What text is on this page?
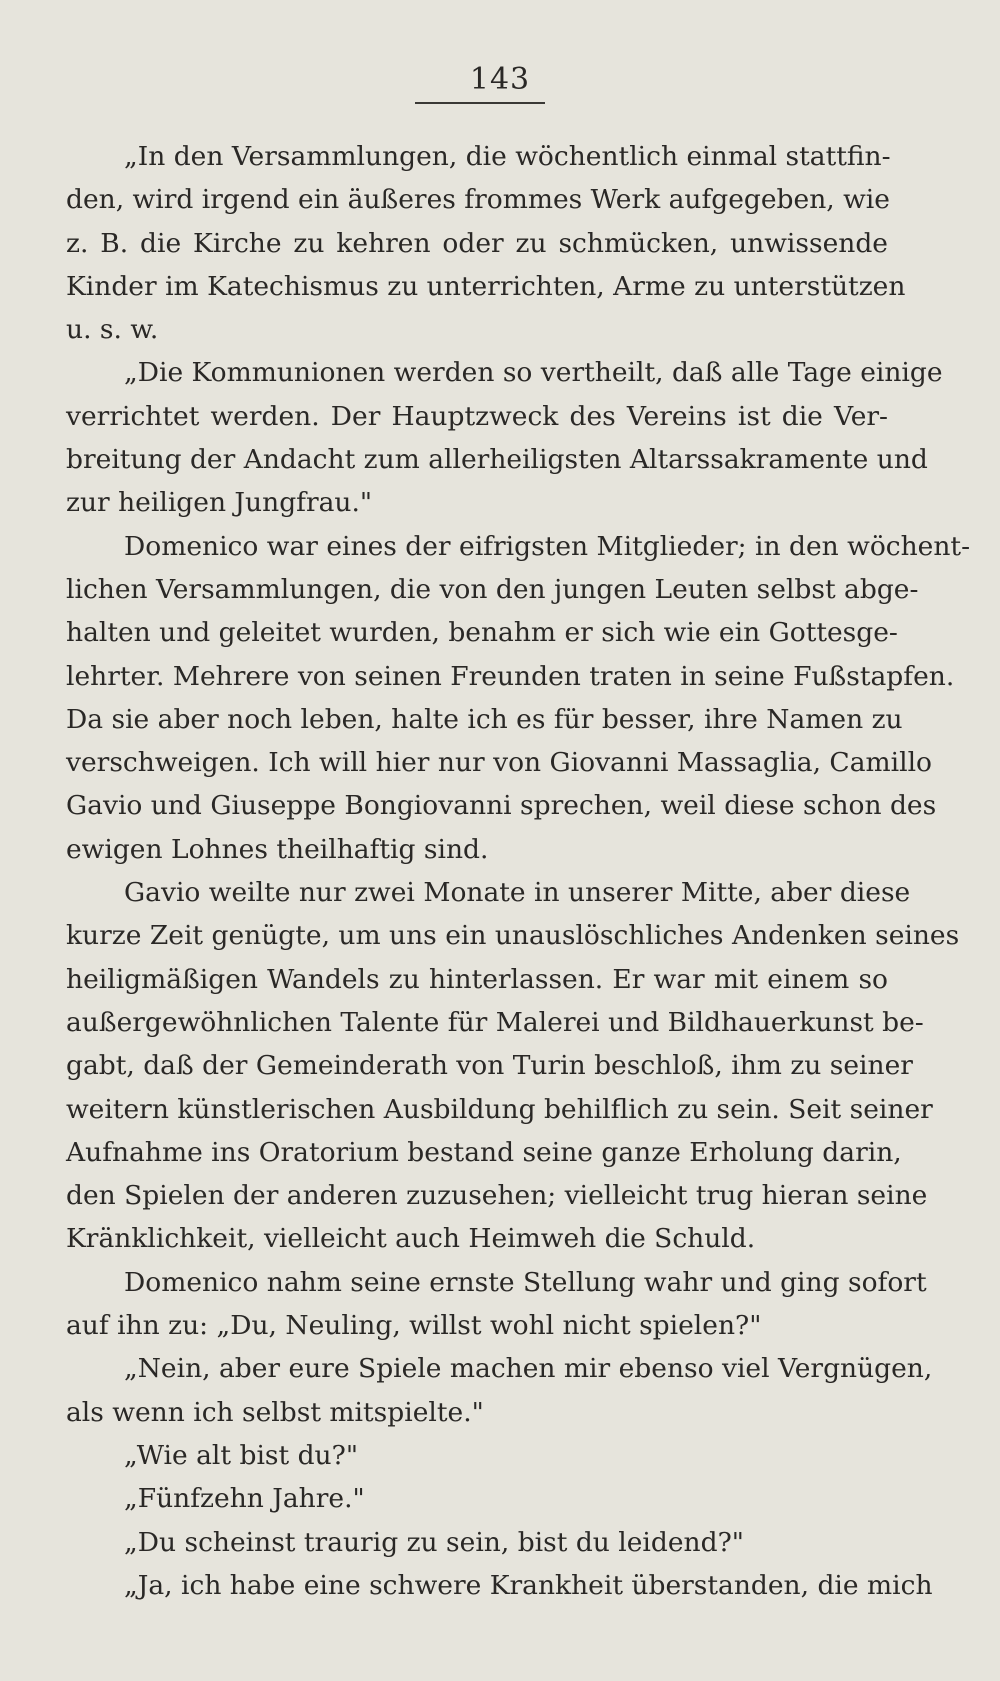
143
„In den Versammlungen, die wöchentlich einmal stattfin-
den, wird irgend ein äußeres frommes Werk aufgegeben, wie
z. B. die Kirche zu kehren oder zu schmücken, unwissende
Kinder im Katechismus zu unterrichten, Arme zu unterstützen
u. s. w.
„Die Kommunionen werden so vertheilt, daß alle Tage einige
verrichtet werden. Der Hauptzweck des Vereins ist die Ver-
breitung der Andacht zum allerheiligsten Altarssakramente und
zur heiligen Jungfrau."
Domenico war eines der eifrigsten Mitglieder; in den wöchent-
lichen Versammlungen, die von den jungen Leuten selbst abge-
halten und geleitet wurden, benahm er sich wie ein Gottesge-
lehrter. Mehrere von seinen Freunden traten in seine Fußstapfen.
Da sie aber noch leben, halte ich es für besser, ihre Namen zu
verschweigen. Ich will hier nur von Giovanni Massaglia, Camillo
Gavio und Giuseppe Bongiovanni sprechen, weil diese schon des
ewigen Lohnes theilhaftig sind.
Gavio weilte nur zwei Monate in unserer Mitte, aber diese
kurze Zeit genügte, um uns ein unauslöschliches Andenken seines
heiligmäßigen Wandels zu hinterlassen. Er war mit einem so
außergewöhnlichen Talente für Malerei und Bildhauerkunst be-
gabt, daß der Gemeinderath von Turin beschloß, ihm zu seiner
weitern künstlerischen Ausbildung behilflich zu sein. Seit seiner
Aufnahme ins Oratorium bestand seine ganze Erholung darin,
den Spielen der anderen zuzusehen; vielleicht trug hieran seine
Kränklichkeit, vielleicht auch Heimweh die Schuld.
Domenico nahm seine ernste Stellung wahr und ging sofort
auf ihn zu: „Du, Neuling, willst wohl nicht spielen?"
„Nein, aber eure Spiele machen mir ebenso viel Vergnügen,
als wenn ich selbst mitspielte."
„Wie alt bist du?"
„Fünfzehn Jahre."
„Du scheinst traurig zu sein, bist du leidend?"
„Ja, ich habe eine schwere Krankheit überstanden, die mich
